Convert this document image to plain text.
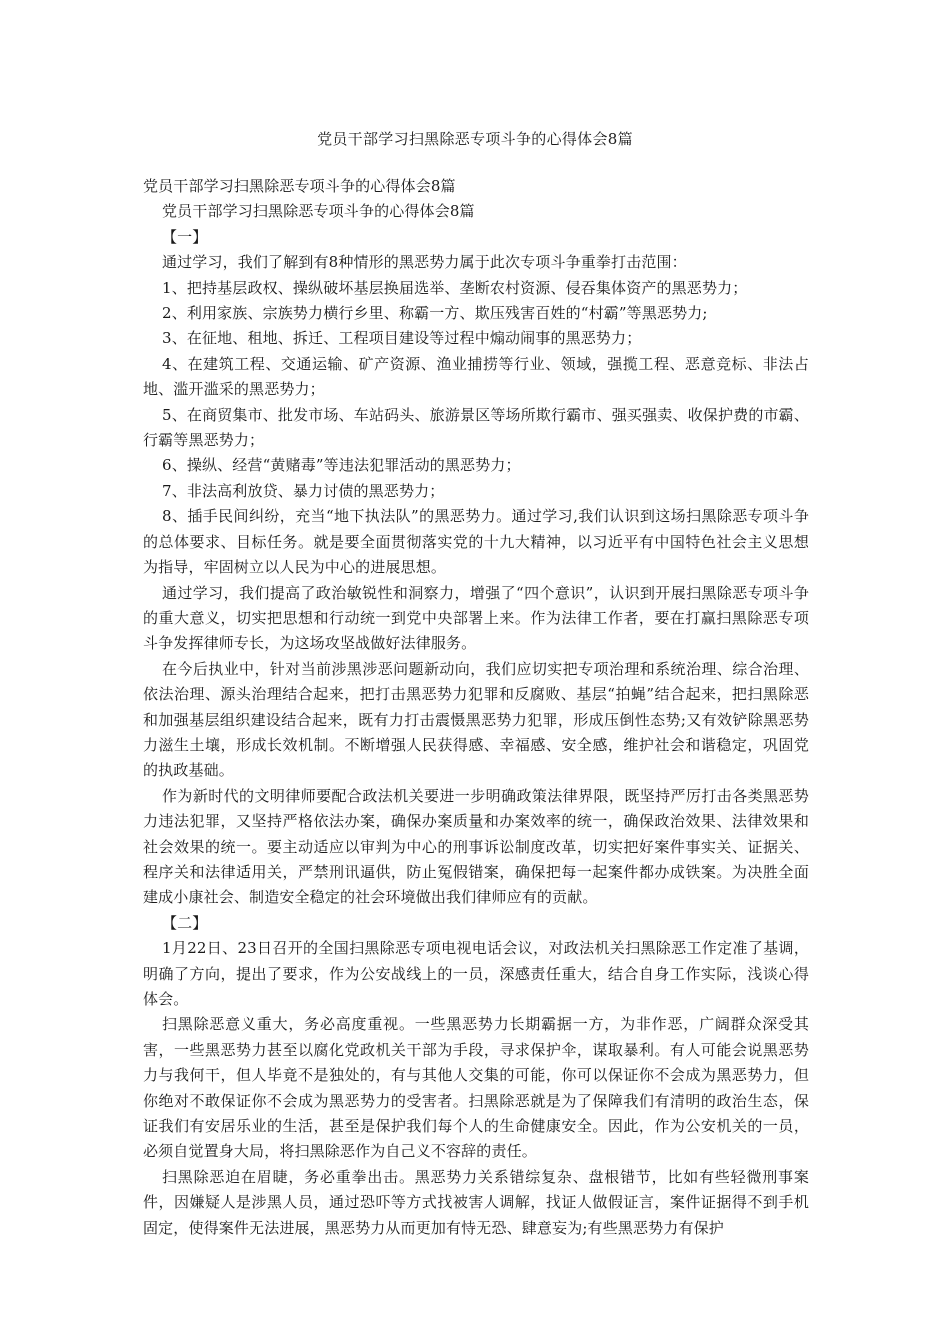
党员干部学习扫黑除恶专项斗争的心得体会8篇

党员干部学习扫黑除恶专项斗争的心得体会8篇

党员干部学习扫黑除恶专项斗争的心得体会8篇

【一】

通过学习，我们了解到有8种情形的黑恶势力属于此次专项斗争重拳打击范围：

1、把持基层政权、操纵破坏基层换届选举、垄断农村资源、侵吞集体资产的黑恶势力；

2、利用家族、宗族势力横行乡里、称霸一方、欺压残害百姓的“村霸”等黑恶势力;

3、在征地、租地、拆迁、工程项目建设等过程中煽动闹事的黑恶势力；

4、在建筑工程、交通运输、矿产资源、渔业捕捞等行业、领域，强揽工程、恶意竞标、非法占地、滥开滥采的黑恶势力；

5、在商贸集市、批发市场、车站码头、旅游景区等场所欺行霸市、强买强卖、收保护费的市霸、行霸等黑恶势力；

6、操纵、经营“黄赌毒”等违法犯罪活动的黑恶势力；

7、非法高利放贷、暴力讨债的黑恶势力；

8、插手民间纠纷，充当“地下执法队”的黑恶势力。通过学习,我们认识到这场扫黑除恶专项斗争的总体要求、目标任务。就是要全面贯彻落实党的十九大精神，以习近平有中国特色社会主义思想为指导，牢固树立以人民为中心的进展思想。

通过学习，我们提高了政治敏锐性和洞察力，增强了“四个意识”，认识到开展扫黑除恶专项斗争的重大意义，切实把思想和行动统一到党中央部署上来。作为法律工作者，要在打赢扫黑除恶专项斗争发挥律师专长，为这场攻坚战做好法律服务。

在今后执业中，针对当前涉黑涉恶问题新动向，我们应切实把专项治理和系统治理、综合治理、依法治理、源头治理结合起来，把打击黑恶势力犯罪和反腐败、基层“拍蝇”结合起来，把扫黑除恶和加强基层组织建设结合起来，既有力打击震慑黑恶势力犯罪，形成压倒性态势;又有效铲除黑恶势力滋生土壤，形成长效机制。不断增强人民获得感、幸福感、安全感，维护社会和谐稳定，巩固党的执政基础。

作为新时代的文明律师要配合政法机关要进一步明确政策法律界限，既坚持严厉打击各类黑恶势力违法犯罪，又坚持严格依法办案，确保办案质量和办案效率的统一，确保政治效果、法律效果和社会效果的统一。要主动适应以审判为中心的刑事诉讼制度改革，切实把好案件事实关、证据关、程序关和法律适用关，严禁刑讯逼供，防止冤假错案，确保把每一起案件都办成铁案。为决胜全面建成小康社会、制造安全稳定的社会环境做出我们律师应有的贡献。

【二】

1月22日、23日召开的全国扫黑除恶专项电视电话会议，对政法机关扫黑除恶工作定准了基调，明确了方向，提出了要求，作为公安战线上的一员，深感责任重大，结合自身工作实际，浅谈心得体会。

扫黑除恶意义重大，务必高度重视。一些黑恶势力长期霸据一方，为非作恶，广阔群众深受其害，一些黑恶势力甚至以腐化党政机关干部为手段，寻求保护伞，谋取暴利。有人可能会说黑恶势力与我何干，但人毕竟不是独处的，有与其他人交集的可能，你可以保证你不会成为黑恶势力，但你绝对不敢保证你不会成为黑恶势力的受害者。扫黑除恶就是为了保障我们有清明的政治生态，保证我们有安居乐业的生活，甚至是保护我们每个人的生命健康安全。因此，作为公安机关的一员，必须自觉置身大局，将扫黑除恶作为自己义不容辞的责任。

扫黑除恶迫在眉睫，务必重拳出击。黑恶势力关系错综复杂、盘根错节，比如有些轻微刑事案件，因嫌疑人是涉黑人员，通过恐吓等方式找被害人调解，找证人做假证言，案件证据得不到手机固定，使得案件无法进展，黑恶势力从而更加有恃无恐、肆意妄为;有些黑恶势力有保护
